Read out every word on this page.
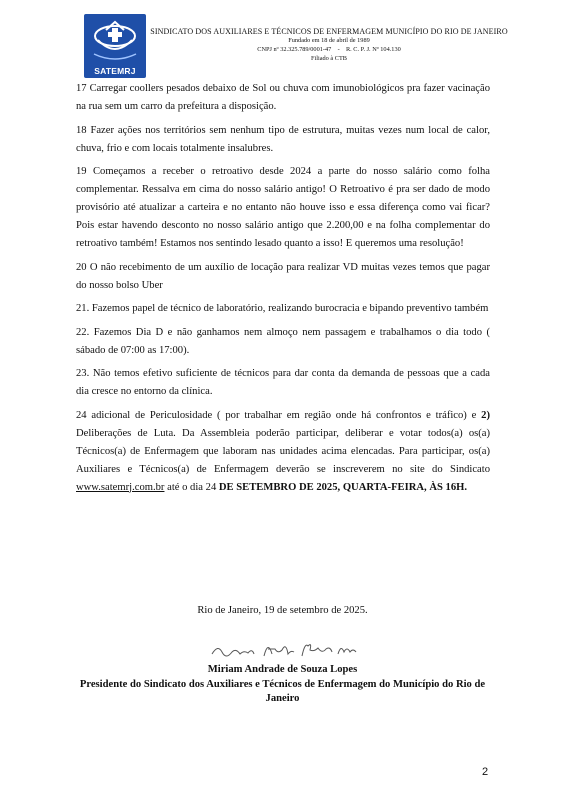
SATEMRJ
SINDICATO DOS AUXILIARES E TÉCNICOS DE ENFERMAGEM MUNICÍPIO DO RIO DE JANEIRO
Fundado em 18 de abril de 1989
CNPJ nº 32.325.789/0001-47    -    R. C. P. J. Nº 104.130
Filiado à CTB

17 Carregar coollers pesados debaixo de Sol ou chuva com imunobiológicos pra fazer vacinação na rua sem um carro da prefeitura a disposição.

18 Fazer ações nos territórios sem nenhum tipo de estrutura, muitas vezes num local de calor, chuva, frio e com locais totalmente insalubres.

19 Começamos a receber o retroativo desde 2024 a parte do nosso salário como folha complementar. Ressalva em cima do nosso salário antigo! O Retroativo é pra ser dado de modo provisório até atualizar a carteira e no entanto não houve isso e essa diferença como vai ficar? Pois estar havendo desconto no nosso salário antigo que 2.200,00 e na folha complementar do retroativo também! Estamos nos sentindo lesado quanto a isso! E queremos uma resolução!

20 O não recebimento de um auxílio de locação para realizar VD muitas vezes temos que pagar do nosso bolso Uber

21. Fazemos papel de técnico de laboratório, realizando burocracia e bipando preventivo também

22. Fazemos Dia D e não ganhamos nem almoço nem passagem e trabalhamos o dia todo ( sábado de 07:00 as 17:00).

23. Não temos efetivo suficiente de técnicos para dar conta da demanda de pessoas que a cada dia cresce no entorno da clínica.

24 adicional de Periculosidade ( por trabalhar em região onde há confrontos e tráfico) e 2) Deliberações de Luta. Da Assembleia poderão participar, deliberar e votar todos(a) os(a) Técnicos(a) de Enfermagem que laboram nas unidades acima elencadas. Para participar, os(a) Auxiliares e Técnicos(a) de Enfermagem deverão se inscreverem no site do Sindicato www.satemrj.com.br até o dia 24 DE SETEMBRO DE 2025, QUARTA-FEIRA, ÀS 16H.

Rio de Janeiro, 19 de setembro de 2025.
Miriam Andrade de Souza Lopes
Presidente do Sindicato dos Auxiliares e Técnicos de Enfermagem do Município do Rio de Janeiro
2
